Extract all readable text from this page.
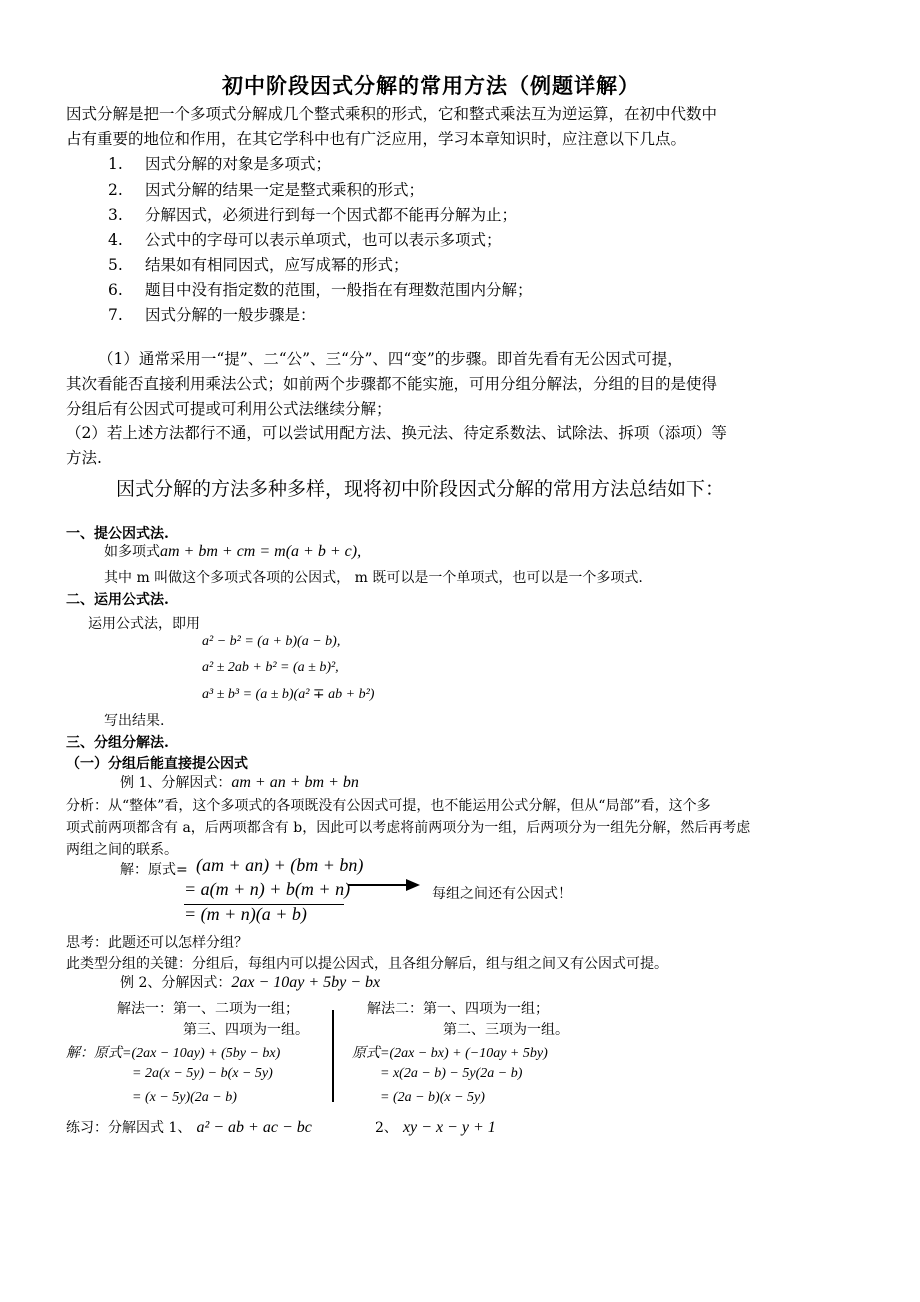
初中阶段因式分解的常用方法（例题详解）
因式分解是把一个多项式分解成几个整式乘积的形式，它和整式乘法互为逆运算，在初中代数中
占有重要的地位和作用，在其它学科中也有广泛应用，学习本章知识时，应注意以下几点。
1. 因式分解的对象是多项式；
2. 因式分解的结果一定是整式乘积的形式；
3. 分解因式，必须进行到每一个因式都不能再分解为止；
4. 公式中的字母可以表示单项式，也可以表示多项式；
5. 结果如有相同因式，应写成幂的形式；
6. 题目中没有指定数的范围，一般指在有理数范围内分解；
7. 因式分解的一般步骤是：
（1）通常采用一“提”、二“公”、三“分”、四“变”的步骤。即首先看有无公因式可提，
其次看能否直接利用乘法公式；如前两个步骤都不能实施，可用分组分解法，分组的目的是使得
分组后有公因式可提或可利用公式法继续分解；
（2）若上述方法都行不通，可以尝试用配方法、换元法、待定系数法、试除法、拆项（添项）等
方法.
因式分解的方法多种多样，现将初中阶段因式分解的常用方法总结如下：
一、提公因式法.
如多项式am + bm + cm = m(a + b + c),
其中 m 叫做这个多项式各项的公因式， m 既可以是一个单项式，也可以是一个多项式.
二、运用公式法.
运用公式法，即用
a² − b² = (a + b)(a − b),
a² ± 2ab + b² = (a ± b)²,
a³ ± b³ = (a ± b)(a² ∓ ab + b²)
写出结果.
三、分组分解法.
（一）分组后能直接提公因式
例 1、分解因式：am + an + bm + bn
分析：从“整体”看，这个多项式的各项既没有公因式可提，也不能运用公式分解，但从“局部”看，这个多
项式前两项都含有 a，后两项都含有 b，因此可以考虑将前两项分为一组，后两项分为一组先分解，然后再考虑
两组之间的联系。
解：原式= (am + an) + (bm + bn)
= a(m + n) + b(m + n)
= (m + n)(a + b)
每组之间还有公因式！
思考：此题还可以怎样分组？
此类型分组的关键：分组后，每组内可以提公因式，且各组分解后，组与组之间又有公因式可提。
例 2、分解因式：2ax − 10ay + 5by − bx
解法一：第一、二项为一组；
第三、四项为一组。
解：原式=(2ax − 10ay) + (5by − bx)
= 2a(x − 5y) − b(x − 5y)
= (x − 5y)(2a − b)
解法二：第一、四项为一组；
第二、三项为一组。
原式=(2ax − bx) + (−10ay + 5by)
= x(2a − b) − 5y(2a − b)
= (2a − b)(x − 5y)
练习：分解因式 1、 a² − ab + ac − bc	2、 xy − x − y + 1
